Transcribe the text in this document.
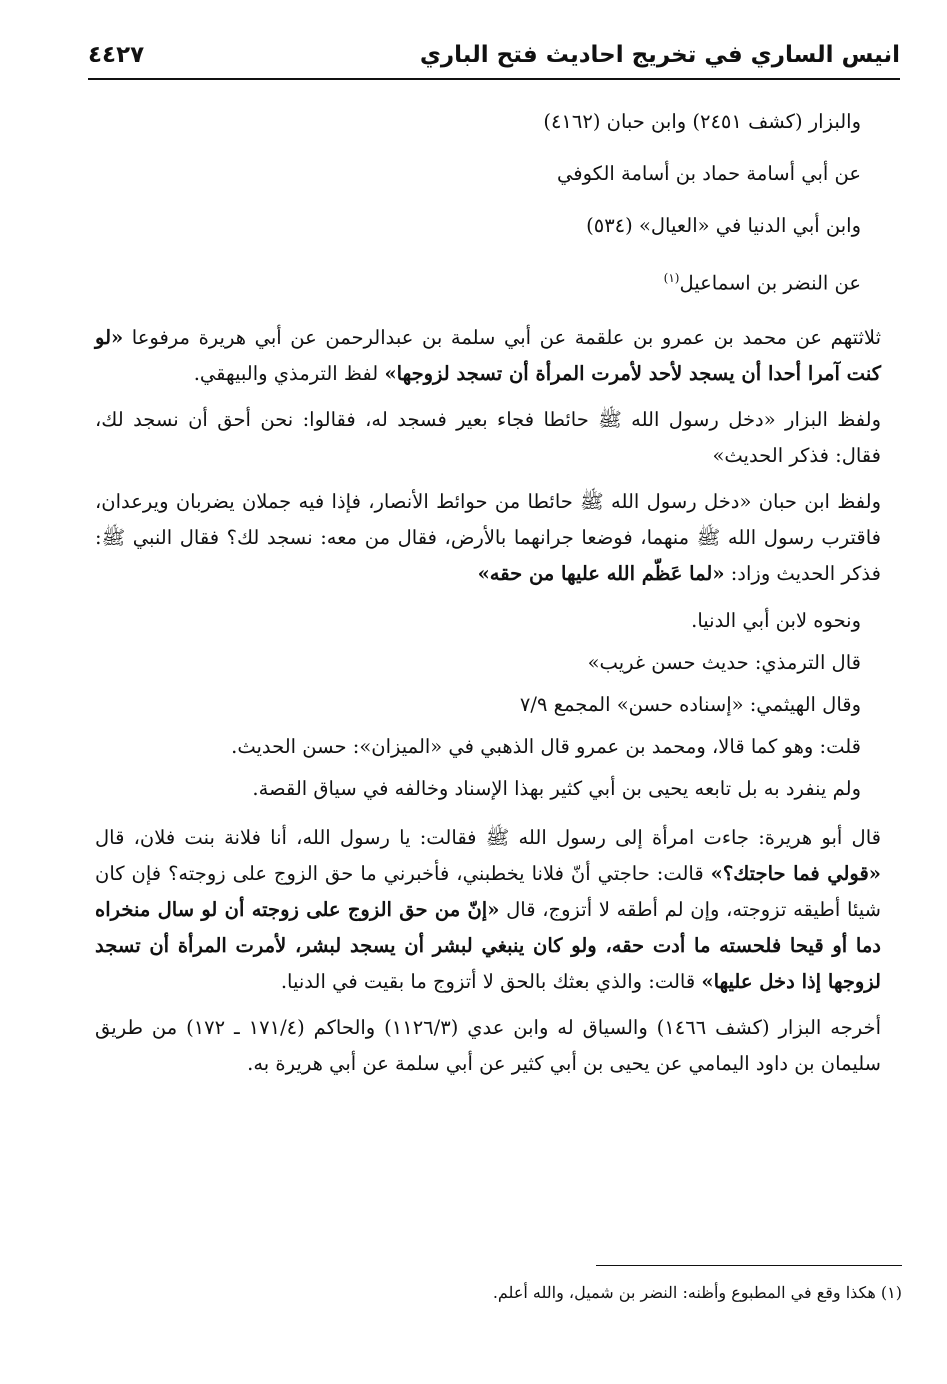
انيس الساري في تخريج احاديث فتح الباري
٤٤٢٧

والبزار (كشف ٢٤٥١) وابن حبان (٤١٦٢)

عن أبي أسامة حماد بن أسامة الكوفي

وابن أبي الدنيا في «العيال» (٥٣٤)

عن النضر بن اسماعيل$^{(١)}$

ثلاثتهم عن محمد بن عمرو بن علقمة عن أبي سلمة بن عبدالرحمن عن أبي هريرة مرفوعا «لو كنت آمرا أحدا أن يسجد لأحد لأمرت المرأة أن تسجد لزوجها» لفظ الترمذي والبيهقي.

ولفظ البزار «دخل رسول الله ﷺ حائطا فجاء بعير فسجد له، فقالوا: نحن أحق أن نسجد لك، فقال: فذكر الحديث»

ولفظ ابن حبان «دخل رسول الله ﷺ حائطا من حوائط الأنصار، فإذا فيه جملان يضربان ويرعدان، فاقترب رسول الله ﷺ منهما، فوضعا جرانهما بالأرض، فقال من معه: نسجد لك؟ فقال النبي ﷺ: فذكر الحديث وزاد: «لما عَظّم الله عليها من حقه»

ونحوه لابن أبي الدنيا.

قال الترمذي: حديث حسن غريب»

وقال الهيثمي: «إسناده حسن» المجمع ٧/٩

قلت: وهو كما قالا، ومحمد بن عمرو قال الذهبي في «الميزان»: حسن الحديث.

ولم ينفرد به بل تابعه يحيى بن أبي كثير بهذا الإسناد وخالفه في سياق القصة.

قال أبو هريرة: جاءت امرأة إلى رسول الله ﷺ فقالت: يا رسول الله، أنا فلانة بنت فلان، قال «قولي فما حاجتك؟» قالت: حاجتي أنّ فلانا يخطبني، فأخبرني ما حق الزوج على زوجته؟ فإن كان شيئا أطيقه تزوجته، وإن لم أطقه لا أتزوج، قال «إنّ من حق الزوج على زوجته أن لو سال منخراه دما أو قيحا فلحسته ما أدت حقه، ولو كان ينبغي لبشر أن يسجد لبشر، لأمرت المرأة أن تسجد لزوجها إذا دخل عليها» قالت: والذي بعثك بالحق لا أتزوج ما بقيت في الدنيا.

أخرجه البزار (كشف ١٤٦٦) والسياق له وابن عدي (١١٢٦/٣) والحاكم (١٧١/٤ ـ ١٧٢) من طريق سليمان بن داود اليمامي عن يحيى بن أبي كثير عن أبي سلمة عن أبي هريرة به.

(١) هكذا وقع في المطبوع وأظنه: النضر بن شميل، والله أعلم.
